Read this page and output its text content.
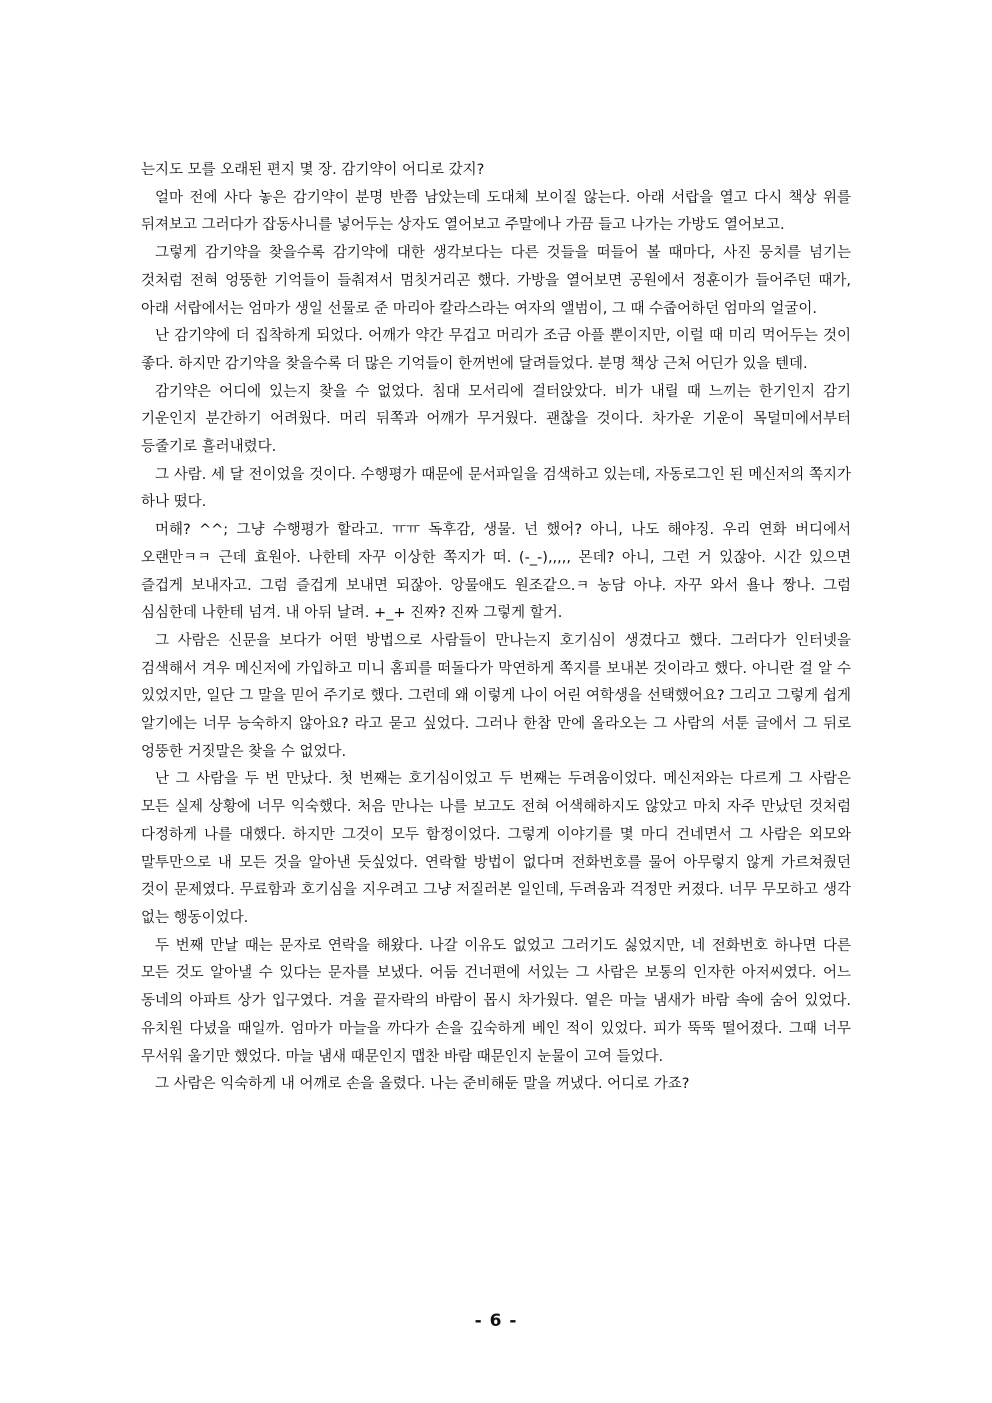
는지도 모를 오래된 편지 몇 장. 감기약이 어디로 갔지?

얼마 전에 사다 놓은 감기약이 분명 반쯤 남았는데 도대체 보이질 않는다. 아래 서랍을 열고 다시 책상 위를 뒤져보고 그러다가 잡동사니를 넣어두는 상자도 열어보고 주말에나 가끔 들고 나가는 가방도 열어보고.

그렇게 감기약을 찾을수록 감기약에 대한 생각보다는 다른 것들을 떠들어 볼 때마다, 사진 뭉치를 넘기는 것처럼 전혀 엉뚱한 기억들이 들춰져서 멈칫거리곤 했다. 가방을 열어보면 공원에서 정훈이가 들어주던 때가, 아래 서랍에서는 엄마가 생일 선물로 준 마리아 칼라스라는 여자의 앨범이, 그 때 수줍어하던 엄마의 얼굴이.

난 감기약에 더 집착하게 되었다. 어깨가 약간 무겁고 머리가 조금 아플 뿐이지만, 이럴 때 미리 먹어두는 것이 좋다. 하지만 감기약을 찾을수록 더 많은 기억들이 한꺼번에 달려들었다. 분명 책상 근처 어딘가 있을 텐데.

감기약은 어디에 있는지 찾을 수 없었다. 침대 모서리에 걸터앉았다. 비가 내릴 때 느끼는 한기인지 감기 기운인지 분간하기 어려웠다. 머리 뒤쪽과 어깨가 무거웠다. 괜찮을 것이다. 차가운 기운이 목덜미에서부터 등줄기로 흘러내렸다.

그 사람. 세 달 전이었을 것이다. 수행평가 때문에 문서파일을 검색하고 있는데, 자동로그인 된 메신저의 쪽지가 하나 떴다.

머해? ^^; 그냥 수행평가 할라고. ㅠㅠ 독후감, 생물. 넌 했어? 아니, 나도 해야징. 우리 연화 버디에서 오랜만ㅋㅋ 근데 효원아. 나한테 자꾸 이상한 쪽지가 떠. (-_-),,,,, 몬데? 아니, 그런 거 있잖아. 시간 있으면 즐겁게 보내자고. 그럼 즐겁게 보내면 되잖아. 앙물애도 원조같으.ㅋ 농담 아냐. 자꾸 와서 욜나 짱나. 그럼 심심한데 나한테 넘겨. 내 아뒤 날려. +_+ 진짜? 진짜 그렇게 할거.

그 사람은 신문을 보다가 어떤 방법으로 사람들이 만나는지 호기심이 생겼다고 했다. 그러다가 인터넷을 검색해서 겨우 메신저에 가입하고 미니 홈피를 떠돌다가 막연하게 쪽지를 보내본 것이라고 했다. 아니란 걸 알 수 있었지만, 일단 그 말을 믿어 주기로 했다. 그런데 왜 이렇게 나이 어린 여학생을 선택했어요? 그리고 그렇게 쉽게 알기에는 너무 능숙하지 않아요? 라고 묻고 싶었다. 그러나 한참 만에 올라오는 그 사람의 서툰 글에서 그 뒤로 엉뚱한 거짓말은 찾을 수 없었다.

난 그 사람을 두 번 만났다. 첫 번째는 호기심이었고 두 번째는 두려움이었다. 메신저와는 다르게 그 사람은 모든 실제 상황에 너무 익숙했다. 처음 만나는 나를 보고도 전혀 어색해하지도 않았고 마치 자주 만났던 것처럼 다정하게 나를 대했다. 하지만 그것이 모두 함정이었다. 그렇게 이야기를 몇 마디 건네면서 그 사람은 외모와 말투만으로 내 모든 것을 알아낸 듯싶었다. 연락할 방법이 없다며 전화번호를 물어 아무렇지 않게 가르쳐줬던 것이 문제였다. 무료함과 호기심을 지우려고 그냥 저질러본 일인데, 두려움과 걱정만 커졌다. 너무 무모하고 생각 없는 행동이었다.

두 번째 만날 때는 문자로 연락을 해왔다. 나갈 이유도 없었고 그러기도 싫었지만, 네 전화번호 하나면 다른 모든 것도 알아낼 수 있다는 문자를 보냈다. 어둠 건너편에 서있는 그 사람은 보통의 인자한 아저씨였다. 어느 동네의 아파트 상가 입구였다. 겨울 끝자락의 바람이 몹시 차가웠다. 옅은 마늘 냄새가 바람 속에 숨어 있었다. 유치원 다녔을 때일까. 엄마가 마늘을 까다가 손을 깊숙하게 베인 적이 있었다. 피가 뚝뚝 떨어졌다. 그때 너무 무서워 울기만 했었다. 마늘 냄새 때문인지 맵찬 바람 때문인지 눈물이 고여 들었다.

그 사람은 익숙하게 내 어깨로 손을 올렸다. 나는 준비해둔 말을 꺼냈다. 어디로 가죠?

- 6 -
